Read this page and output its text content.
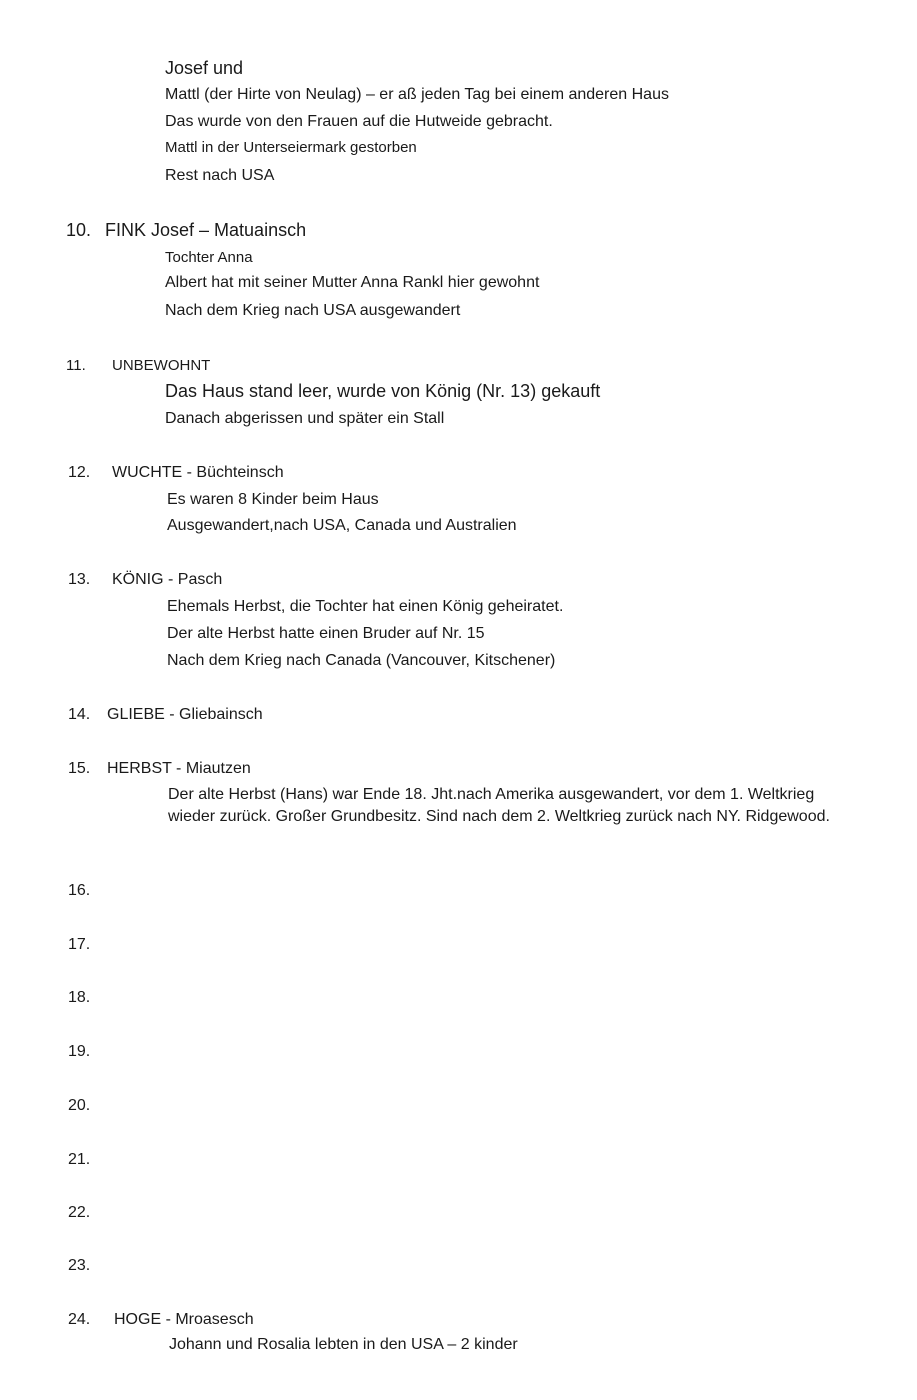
Josef und
Mattl (der Hirte von Neulag) – er aß jeden Tag bei einem anderen Haus
Das wurde von den Frauen auf die Hutweide gebracht.
Mattl in der Unterseiermark gestorben
Rest nach USA
10. FINK Josef – Matuainsch
Tochter Anna
Albert hat mit seiner Mutter Anna Rankl hier gewohnt
Nach dem Krieg nach USA ausgewandert
11. UNBEWOHNT
Das Haus stand leer, wurde von König (Nr. 13) gekauft
Danach abgerissen und später ein Stall
12. WUCHTE - Büchteinsch
Es waren 8 Kinder beim Haus
Ausgewandert,nach USA, Canada und Australien
13. KÖNIG - Pasch
Ehemals Herbst, die Tochter hat einen König geheiratet.
Der alte Herbst hatte einen Bruder auf Nr. 15
Nach dem Krieg nach Canada (Vancouver, Kitschener)
14. GLIEBE - Gliebainsch
15. HERBST - Miautzen
Der alte Herbst (Hans) war Ende 18. Jht.nach Amerika ausgewandert, vor dem 1. Weltkrieg wieder zurück. Großer Grundbesitz. Sind nach dem 2. Weltkrieg zurück nach NY. Ridgewood.
16.
17.
18.
19.
20.
21.
22.
23.
24. HOGE - Mroasesch
Johann und Rosalia lebten in den USA – 2 kinder
